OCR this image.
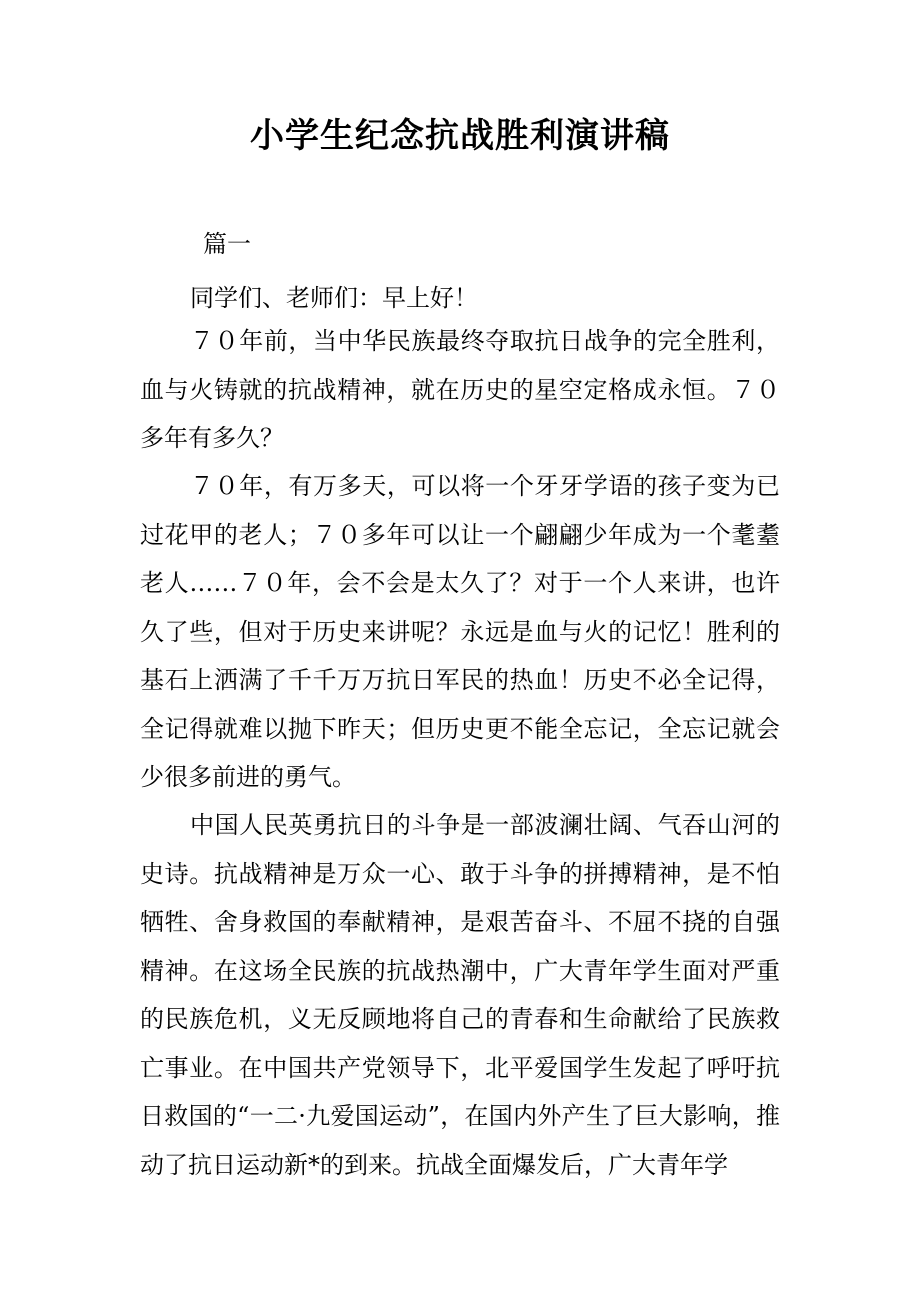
小学生纪念抗战胜利演讲稿
篇一
同学们、老师们：早上好！
７０年前，当中华民族最终夺取抗日战争的完全胜利，血与火铸就的抗战精神，就在历史的星空定格成永恒。７０多年有多久？
７０年，有万多天，可以将一个牙牙学语的孩子变为已过花甲的老人；７０多年可以让一个翩翩少年成为一个耄耋老人……７０年，会不会是太久了？对于一个人来讲，也许久了些，但对于历史来讲呢？永远是血与火的记忆！胜利的基石上洒满了千千万万抗日军民的热血！历史不必全记得，全记得就难以抛下昨天；但历史更不能全忘记，全忘记就会少很多前进的勇气。
中国人民英勇抗日的斗争是一部波澜壮阔、气吞山河的史诗。抗战精神是万众一心、敢于斗争的拼搏精神，是不怕牺牲、舍身救国的奉献精神，是艰苦奋斗、不屈不挠的自强精神。在这场全民族的抗战热潮中，广大青年学生面对严重的民族危机，义无反顾地将自己的青春和生命献给了民族救亡事业。在中国共产党领导下，北平爱国学生发起了呼吁抗日救国的“一二·九爱国运动”，在国内外产生了巨大影响，推动了抗日运动新*的到来。抗战全面爆发后，广大青年学
